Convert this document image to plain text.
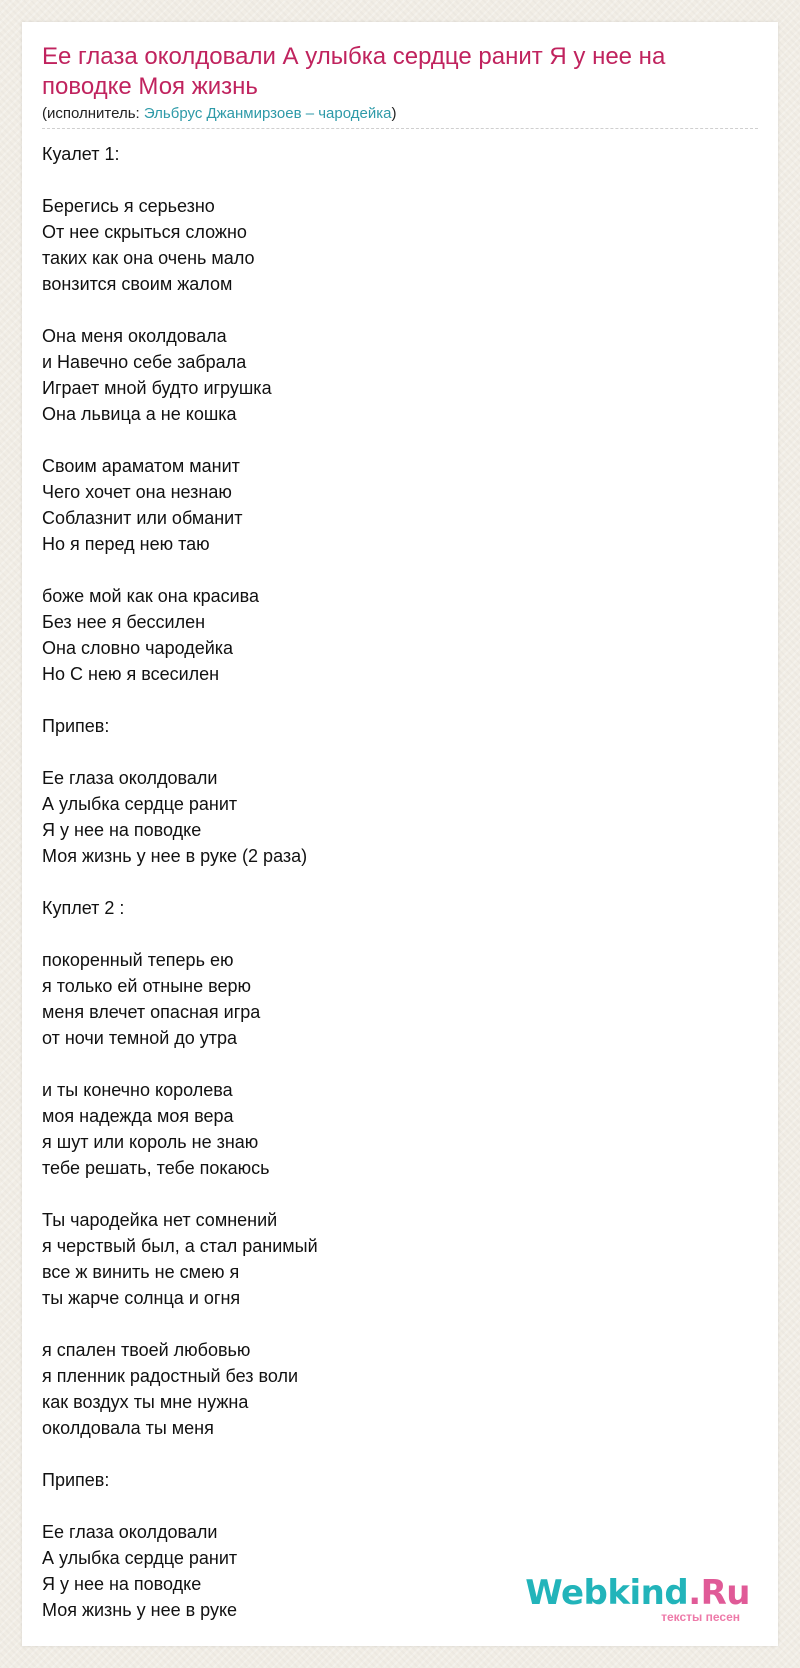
Ее глаза околдовали А улыбка сердце ранит Я у нее на поводке Моя жизнь
(исполнитель: Эльбрус Джанмирзоев – чародейка)
Куалет 1:
Берегись я серьезно
От нее скрыться сложно
таких как она очень мало
вонзится своим жалом
Она меня околдовала
и Навечно себе забрала
Играет мной будто игрушка
Она львица а не кошка
Своим араматом манит
Чего хочет она незнаю
Соблазнит или обманит
Но я перед нею таю
боже мой как она красива
Без нее я бессилен
Она словно чародейка
Но С нею я всесилен
Припев:
Ее глаза околдовали
А улыбка сердце ранит
Я у нее на поводке
Моя жизнь у нее в руке (2 раза)
Куплет 2 :
покоренный теперь ею
я только ей отныне верю
меня влечет опасная игра
от ночи темной до утра
и ты конечно королева
моя надежда моя вера
я шут или король не знаю
тебе решать, тебе покаюсь
Ты чародейка нет сомнений
я черствый был, а стал ранимый
все ж винить не смею я
ты жарче солнца и огня
я спален твоей любовью
я пленник радостный без воли
как воздух ты мне нужна
околдовала ты меня
Припев:
Ее глаза околдовали
А улыбка сердце ранит
Я у нее на поводке
Моя жизнь у нее в руке	Webkind.Ru
тексты песен
